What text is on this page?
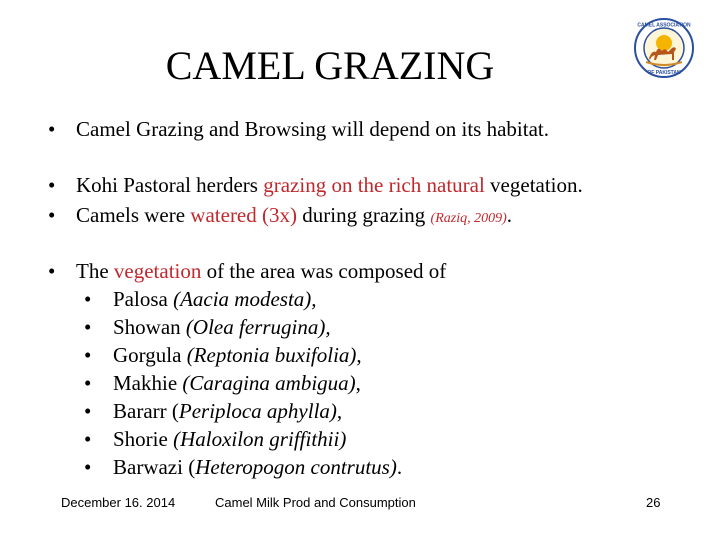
CAMEL GRAZING
CAMEL ASSOCIATION
OF PAKISTAN
• Camel Grazing and Browsing will depend on its habitat.
• Kohi Pastoral herders grazing on the rich natural vegetation.
• Camels were watered (3x) during grazing (Raziq, 2009).
• The vegetation of the area was composed of
• Palosa (Aacia modesta),
• Showan (Olea ferrugina),
• Gorgula (Reptonia buxifolia),
• Makhie (Caragina ambigua),
• Bararr (Periploca aphylla),
• Shorie (Haloxilon griffithii)
• Barwazi (Heteropogon contrutus).
December 16. 2014	Camel Milk Prod and Consumption	26
